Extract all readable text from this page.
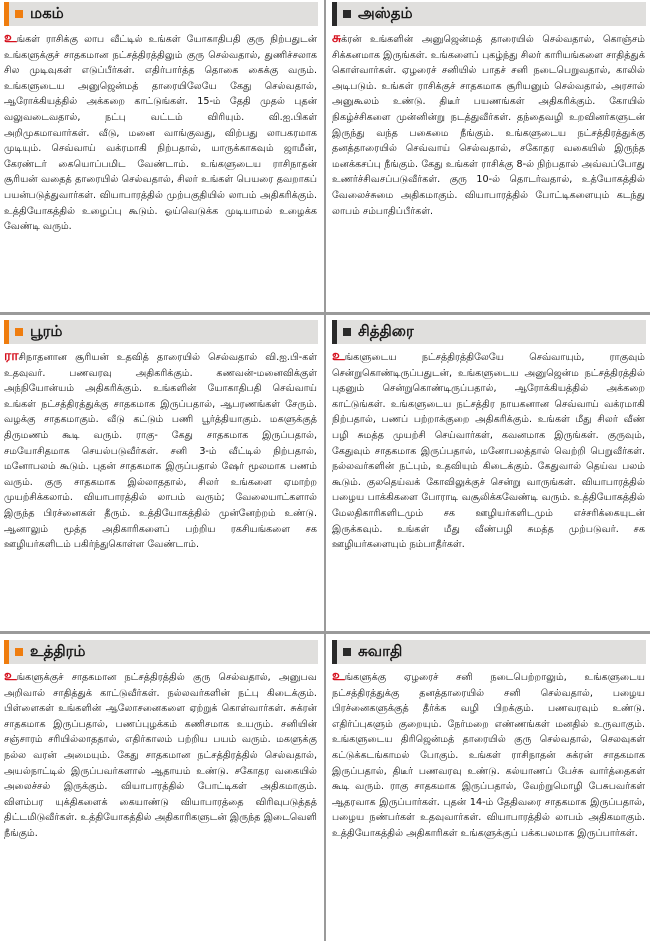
மகம்

உங்கள் ராசிக்கு லாப வீட்டில் உங்கள் யோகாதிபதி குரு நிற்பதுடன் உங்களுக்குச் சாதகமான நட்சத்திரத்திலும் குரு செல்வதால், துணிச்சலாக சில முடிவுகள் எடுப்பீர்கள். எதிர்பார்த்த தொகை கைக்கு வரும். உங்களுடைய அனுஜென்மத் தாரையிலேயே கேது செல்வதால், ஆரோக்கியத்தில் அக்கறை காட்டுங்கள். 15-ம் தேதி முதல் புதன் வலுவடைவதால், நட்பு வட்டம் விரியும். வி.ஐ.பிகள் அறிமுகமாவார்கள். வீடு, மனை வாங்குவது, விற்பது லாபகரமாக முடியும். செவ்வாய் வக்ரமாகி நிற்பதால், யாருக்காகவும் ஜாமீன், கேரண்டர் கையொப்பமிட வேண்டாம். உங்களுடைய ராசிநாதன் சூரியன் வதைத் தாரையில் செல்வதால், சிலர் உங்கள் பெயரை தவறாகப் பயன்படுத்துவார்கள். வியாபாரத்தில் முற்பகுதியில் லாபம் அதிகரிக்கும். உத்தியோகத்தில் உழைப்பு கூடும். ஓய்வெடுக்க முடியாமல் உழைக்க வேண்டி வரும்.

அஸ்தம்

சுக்ரன் உங்களின் அனுஜென்மத் தாரையில் செல்வதால், கொஞ்சம் சிக்கனமாக இருங்கள். உங்களைப் புகழ்ந்து சிலர் காரியங்களை சாதித்துக் கொள்வார்கள். ஏழரைச் சனியில் பாதச் சனி நடைபெறுவதால், காலில் அடிபடும். உங்கள் ராசிக்குச் சாதகமாக சூரியனும் செல்வதால், அரசால் அனுகூலம் உண்டு. திடீர் பயணங்கள் அதிகரிக்கும். கோயில் நிகழ்ச்சிகளை முன்னின்று நடத்துவீர்கள். தந்தைவழி உறவினர்களுடன் இருந்து வந்த பகைமை நீங்கும். உங்களுடைய நட்சத்திரத்துக்கு தனத்தாரையில் செவ்வாய் செல்வதால், சகோதர வகையில் இருந்த மனக்கசப்பு நீங்கும். கேது உங்கள் ராசிக்கு 8-ல் நிற்பதால் அவ்வப்போது உணர்ச்சிவசப்படுவீர்கள். குரு 10-ல் தொடர்வதால், உத்யோகத்தில் வேலைச்சுமை அதிகமாகும். வியாபாரத்தில் போட்டிகளையும் கடந்து லாபம் சம்பாதிப்பீர்கள்.

பூரம்

ராசிநாதனான சூரியன் உதவித் தாரையில் செல்வதால் வி.ஐ.பி-கள் உதவுவர். பணவரவு அதிகரிக்கும். கணவன்-மனைவிக்குள் அந்நியோன்யம் அதிகரிக்கும். உங்களின் யோகாதிபதி செவ்வாய் உங்கள் நட்சத்திரத்துக்கு சாதகமாக இருப்பதால், ஆபரணங்கள் சேரும். வழக்கு சாதகமாகும். வீடு கட்டும் பணி பூர்த்தியாகும். மகளுக்குத் திருமணம் கூடி வரும். ராகு- கேது சாதகமாக இருப்பதால், சமயோசிதமாக செயல்படுவீர்கள். சனி 3-ம் வீட்டில் நிற்பதால், மனோபலம் கூடும். புதன் சாதகமாக இருப்பதால் ஷேர் மூலமாக பணம் வரும். குரு சாதகமாக இல்லாததால், சிலர் உங்களை ஏமாற்ற முயற்சிக்கலாம். வியாபாரத்தில் லாபம் வரும்; வேலையாட்களால் இருந்த பிரச்னைகள் தீரும். உத்தியோகத்தில் முன்னேற்றம் உண்டு. ஆனாலும் மூத்த அதிகாரிகளைப் பற்றிய ரகசியங்களை சக ஊழியர்களிடம் பகிர்ந்துகொள்ள வேண்டாம்.

சித்திரை

உங்களுடைய நட்சத்திரத்திலேயே செவ்வாயும், ராகுவும் சென்றுகொண்டிருப்பதுடன், உங்களுடைய அனுஜென்ம நட்சத்திரத்தில் புதனும் சென்றுகொண்டிருப்பதால், ஆரோக்கியத்தில் அக்கறை காட்டுங்கள். உங்களுடைய நட்சத்திர நாயகனான செவ்வாய் வக்ரமாகி நிற்பதால், பணப் பற்றாக்குறை அதிகரிக்கும். உங்கள் மீது சிலர் வீண் பழி சுமத்த முயற்சி செய்வார்கள், கவனமாக இருங்கள். குருவும், கேதுவும் சாதகமாக இருப்பதால், மனோபலத்தால் வெற்றி பெறுவீர்கள். நல்லவர்களின் நட்பும், உதவியும் கிடைக்கும். கேதுவால் தெய்வ பலம் கூடும். குலதெய்வக் கோவிலுக்குச் சென்று வாருங்கள். வியாபாரத்தில் பழைய பாக்கிகளை போராடி வசூலிக்கவேண்டி வரும். உத்தியோகத்தில் மேலதிகாரிகளிடமும் சக ஊழியர்களிடமும் எச்சரிக்கையுடன் இருக்கவும். உங்கள் மீது வீண்பழி சுமத்த முற்படுவர். சக ஊழியர்களையும் நம்பாதீர்கள்.

உத்திரம்

உங்களுக்குச் சாதகமான நட்சத்திரத்தில் குரு செல்வதால், அனுபவ அறிவால் சாதித்துக் காட்டுவீர்கள். நல்லவர்களின் நட்பு கிடைக்கும். பிள்ளைகள் உங்களின் ஆலோசனைகளை ஏற்றுக் கொள்வார்கள். சுக்ரன் சாதகமாக இருப்பதால், பணப்புழக்கம் கணிசமாக உயரும். சனியின் சஞ்சாரம் சரியில்லாததால், எதிர்காலம் பற்றிய பயம் வரும். மகளுக்கு நல்ல வரன் அமையும். கேது சாதகமான நட்சத்திரத்தில் செல்வதால், அயல்நாட்டில் இருப்பவர்களால் ஆதாயம் உண்டு. சகோதர வகையில் அலைச்சல் இருக்கும். வியாபாரத்தில் போட்டிகள் அதிகமாகும். விளம்பர யுக்திகளைக் கையாண்டு வியாபாரத்தை விரிவுபடுத்தத் திட்டமிடுவீர்கள். உத்தியோகத்தில் அதிகாரிகளுடன் இருந்த இடைவெளி நீங்கும்.

சுவாதி

உங்களுக்கு ஏழரைச் சனி நடைபெற்றாலும், உங்களுடைய நட்சத்திரத்துக்கு தனத்தாரையில் சனி செல்வதால், பழைய பிரச்னைகளுக்குத் தீர்க்க வழி பிறக்கும். பணவரவும் உண்டு. எதிர்ப்புகளும் குறையும். நேர்மறை எண்ணங்கள் மனதில் உருவாகும். உங்களுடைய திரிஜென்மத் தாரையில் குரு செல்வதால், செலவுகள் கட்டுக்கடங்காமல் போகும். உங்கள் ராசிநாதன் சுக்ரன் சாதகமாக இருப்பதால், திடீர் பணவரவு உண்டு. கல்யாணப் பேச்சு வார்த்தைகள் கூடி வரும். ராகு சாதகமாக இருப்பதால், வேற்றுமொழி பேசுபவர்கள் ஆதரவாக இருப்பார்கள். புதன் 14-ம் தேதிவரை சாதகமாக இருப்பதால், பழைய நண்பர்கள் உதவுவார்கள். வியாபாரத்தில் லாபம் அதிகமாகும். உத்தியோகத்தில் அதிகாரிகள் உங்களுக்குப் பக்கபலமாக இருப்பார்கள்.
